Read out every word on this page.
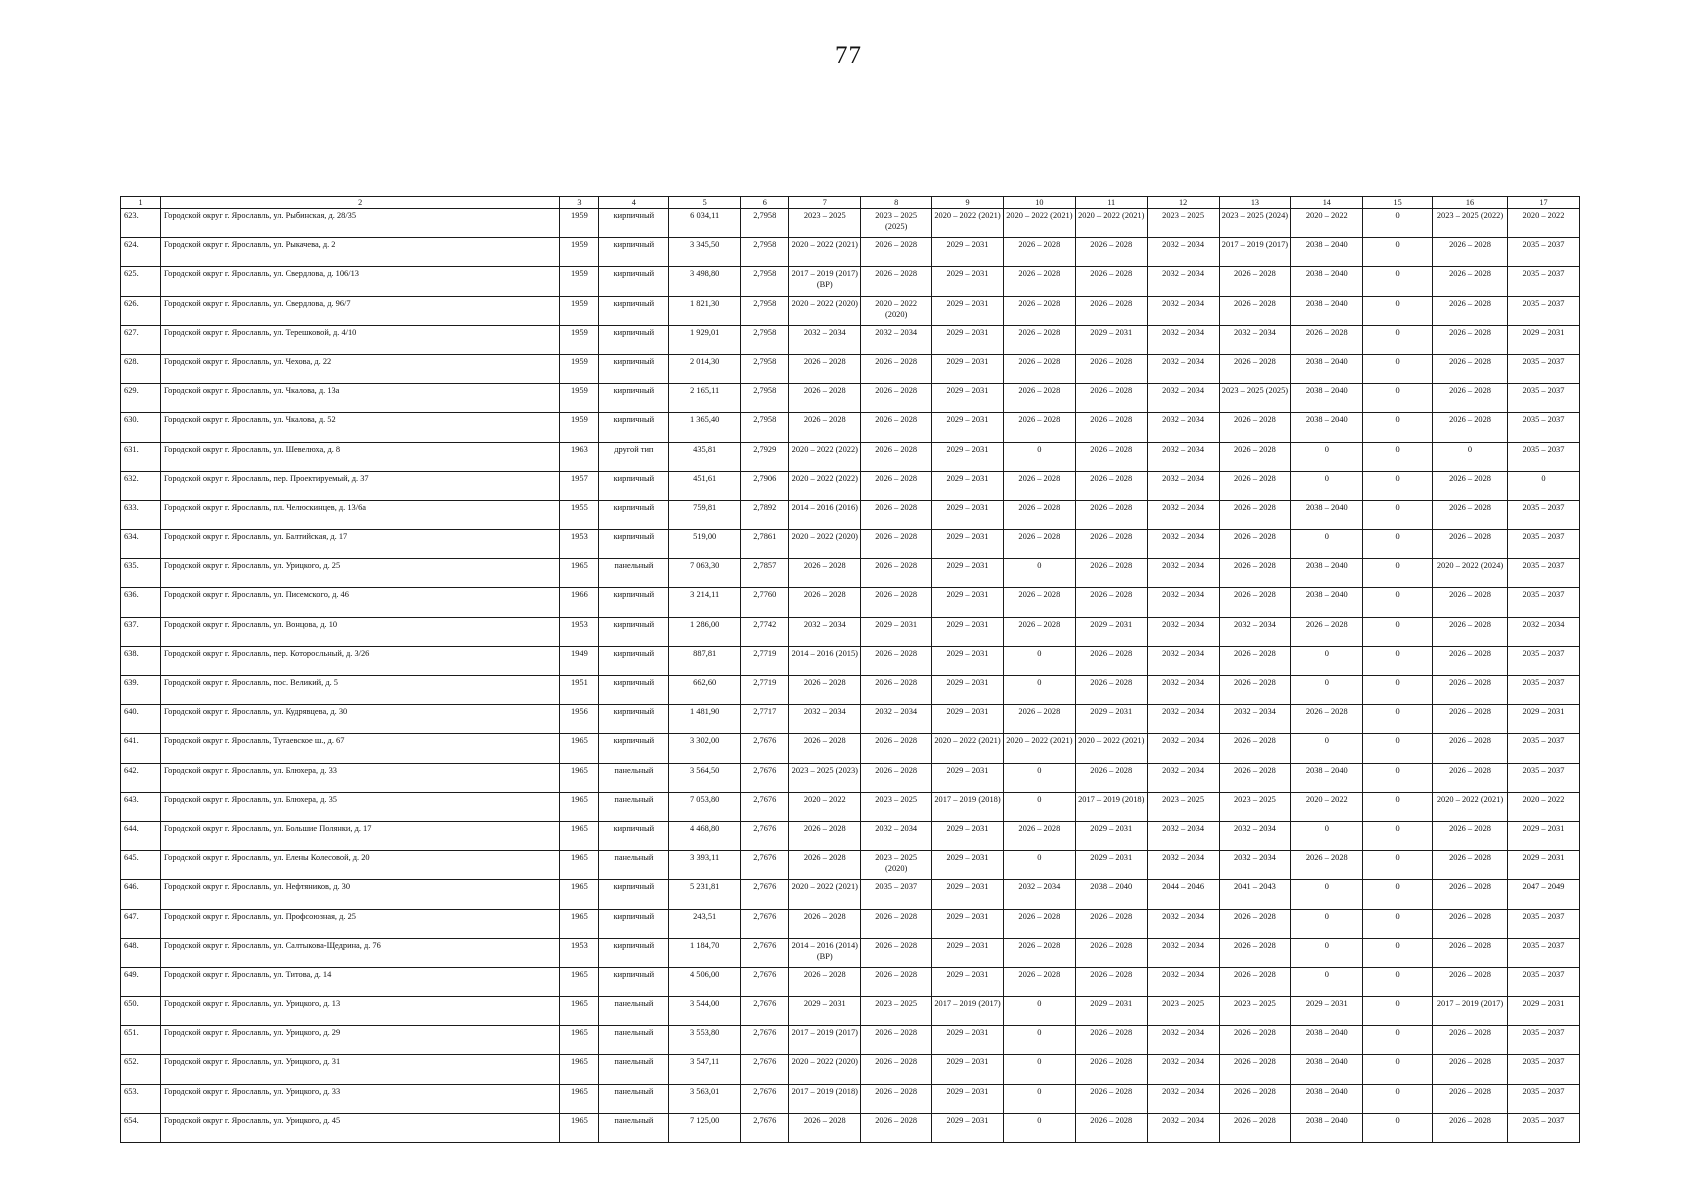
77
1	2	3	4	5	6	7	8	9	10	11	12	13	14	15	16	17
623.	Городской округ г. Ярославль, ул. Рыбинская, д. 28/35	1959	кирпичный	6 034,11	2,7958	2023 – 2025	2023 – 2025 (2025)	2020 – 2022 (2021)	2020 – 2022 (2021)	2020 – 2022 (2021)	2023 – 2025	2023 – 2025 (2024)	2020 – 2022	0	2023 – 2025 (2022)	2020 – 2022
624.	Городской округ г. Ярославль, ул. Рыкачева, д. 2	1959	кирпичный	3 345,50	2,7958	2020 – 2022 (2021)	2026 – 2028	2029 – 2031	2026 – 2028	2026 – 2028	2032 – 2034	2017 – 2019 (2017)	2038 – 2040	0	2026 – 2028	2035 – 2037
625.	Городской округ г. Ярославль, ул. Свердлова, д. 106/13	1959	кирпичный	3 498,80	2,7958	2017 – 2019 (2017) (ВР)	2026 – 2028	2029 – 2031	2026 – 2028	2026 – 2028	2032 – 2034	2026 – 2028	2038 – 2040	0	2026 – 2028	2035 – 2037
626.	Городской округ г. Ярославль, ул. Свердлова, д. 96/7	1959	кирпичный	1 821,30	2,7958	2020 – 2022 (2020)	2020 – 2022 (2020)	2029 – 2031	2026 – 2028	2026 – 2028	2032 – 2034	2026 – 2028	2038 – 2040	0	2026 – 2028	2035 – 2037
627.	Городской округ г. Ярославль, ул. Терешковой, д. 4/10	1959	кирпичный	1 929,01	2,7958	2032 – 2034	2032 – 2034	2029 – 2031	2026 – 2028	2029 – 2031	2032 – 2034	2032 – 2034	2026 – 2028	0	2026 – 2028	2029 – 2031
628.	Городской округ г. Ярославль, ул. Чехова, д. 22	1959	кирпичный	2 014,30	2,7958	2026 – 2028	2026 – 2028	2029 – 2031	2026 – 2028	2026 – 2028	2032 – 2034	2026 – 2028	2038 – 2040	0	2026 – 2028	2035 – 2037
629.	Городской округ г. Ярославль, ул. Чкалова, д. 13а	1959	кирпичный	2 165,11	2,7958	2026 – 2028	2026 – 2028	2029 – 2031	2026 – 2028	2026 – 2028	2032 – 2034	2023 – 2025 (2025)	2038 – 2040	0	2026 – 2028	2035 – 2037
630.	Городской округ г. Ярославль, ул. Чкалова, д. 52	1959	кирпичный	1 365,40	2,7958	2026 – 2028	2026 – 2028	2029 – 2031	2026 – 2028	2026 – 2028	2032 – 2034	2026 – 2028	2038 – 2040	0	2026 – 2028	2035 – 2037
631.	Городской округ г. Ярославль, ул. Шевелюха, д. 8	1963	другой тип	435,81	2,7929	2020 – 2022 (2022)	2026 – 2028	2029 – 2031	0	2026 – 2028	2032 – 2034	2026 – 2028	0	0	0	2035 – 2037
632.	Городской округ г. Ярославль, пер. Проектируемый, д. 37	1957	кирпичный	451,61	2,7906	2020 – 2022 (2022)	2026 – 2028	2029 – 2031	2026 – 2028	2026 – 2028	2032 – 2034	2026 – 2028	0	0	2026 – 2028	0
633.	Городской округ г. Ярославль, пл. Челюскинцев, д. 13/6а	1955	кирпичный	759,81	2,7892	2014 – 2016 (2016)	2026 – 2028	2029 – 2031	2026 – 2028	2026 – 2028	2032 – 2034	2026 – 2028	2038 – 2040	0	2026 – 2028	2035 – 2037
634.	Городской округ г. Ярославль, ул. Балтийская, д. 17	1953	кирпичный	519,00	2,7861	2020 – 2022 (2020)	2026 – 2028	2029 – 2031	2026 – 2028	2026 – 2028	2032 – 2034	2026 – 2028	0	0	2026 – 2028	2035 – 2037
635.	Городской округ г. Ярославль, ул. Урицкого, д. 25	1965	панельный	7 063,30	2,7857	2026 – 2028	2026 – 2028	2029 – 2031	0	2026 – 2028	2032 – 2034	2026 – 2028	2038 – 2040	0	2020 – 2022 (2024)	2035 – 2037
636.	Городской округ г. Ярославль, ул. Писемского, д. 46	1966	кирпичный	3 214,11	2,7760	2026 – 2028	2026 – 2028	2029 – 2031	2026 – 2028	2026 – 2028	2032 – 2034	2026 – 2028	2038 – 2040	0	2026 – 2028	2035 – 2037
637.	Городской округ г. Ярославль, ул. Вонцова, д. 10	1953	кирпичный	1 286,00	2,7742	2032 – 2034	2029 – 2031	2029 – 2031	2026 – 2028	2029 – 2031	2032 – 2034	2032 – 2034	2026 – 2028	0	2026 – 2028	2032 – 2034
638.	Городской округ г. Ярославль, пер. Которосльный, д. 3/26	1949	кирпичный	887,81	2,7719	2014 – 2016 (2015)	2026 – 2028	2029 – 2031	0	2026 – 2028	2032 – 2034	2026 – 2028	0	0	2026 – 2028	2035 – 2037
639.	Городской округ г. Ярославль, пос. Великий, д. 5	1951	кирпичный	662,60	2,7719	2026 – 2028	2026 – 2028	2029 – 2031	0	2026 – 2028	2032 – 2034	2026 – 2028	0	0	2026 – 2028	2035 – 2037
640.	Городской округ г. Ярославль, ул. Кудрявцева, д. 30	1956	кирпичный	1 481,90	2,7717	2032 – 2034	2032 – 2034	2029 – 2031	2026 – 2028	2029 – 2031	2032 – 2034	2032 – 2034	2026 – 2028	0	2026 – 2028	2029 – 2031
641.	Городской округ г. Ярославль, Тутаевское ш., д. 67	1965	кирпичный	3 302,00	2,7676	2026 – 2028	2026 – 2028	2020 – 2022 (2021)	2020 – 2022 (2021)	2020 – 2022 (2021)	2032 – 2034	2026 – 2028	0	0	2026 – 2028	2035 – 2037
642.	Городской округ г. Ярославль, ул. Блюхера, д. 33	1965	панельный	3 564,50	2,7676	2023 – 2025 (2023)	2026 – 2028	2029 – 2031	0	2026 – 2028	2032 – 2034	2026 – 2028	2038 – 2040	0	2026 – 2028	2035 – 2037
643.	Городской округ г. Ярославль, ул. Блюхера, д. 35	1965	панельный	7 053,80	2,7676	2020 – 2022	2023 – 2025	2017 – 2019 (2018)	0	2017 – 2019 (2018)	2023 – 2025	2023 – 2025	2020 – 2022	0	2020 – 2022 (2021)	2020 – 2022
644.	Городской округ г. Ярославль, ул. Большие Полянки, д. 17	1965	кирпичный	4 468,80	2,7676	2026 – 2028	2032 – 2034	2029 – 2031	2026 – 2028	2029 – 2031	2032 – 2034	2032 – 2034	0	0	2026 – 2028	2029 – 2031
645.	Городской округ г. Ярославль, ул. Елены Колесовой, д. 20	1965	панельный	3 393,11	2,7676	2026 – 2028	2023 – 2025 (2020)	2029 – 2031	0	2029 – 2031	2032 – 2034	2032 – 2034	2026 – 2028	0	2026 – 2028	2029 – 2031
646.	Городской округ г. Ярославль, ул. Нефтяников, д. 30	1965	кирпичный	5 231,81	2,7676	2020 – 2022 (2021)	2035 – 2037	2029 – 2031	2032 – 2034	2038 – 2040	2044 – 2046	2041 – 2043	0	0	2026 – 2028	2047 – 2049
647.	Городской округ г. Ярославль, ул. Профсоюзная, д. 25	1965	кирпичный	243,51	2,7676	2026 – 2028	2026 – 2028	2029 – 2031	2026 – 2028	2026 – 2028	2032 – 2034	2026 – 2028	0	0	2026 – 2028	2035 – 2037
648.	Городской округ г. Ярославль, ул. Салтыкова-Щедрина, д. 76	1953	кирпичный	1 184,70	2,7676	2014 – 2016 (2014) (ВР)	2026 – 2028	2029 – 2031	2026 – 2028	2026 – 2028	2032 – 2034	2026 – 2028	0	0	2026 – 2028	2035 – 2037
649.	Городской округ г. Ярославль, ул. Титова, д. 14	1965	кирпичный	4 506,00	2,7676	2026 – 2028	2026 – 2028	2029 – 2031	2026 – 2028	2026 – 2028	2032 – 2034	2026 – 2028	0	0	2026 – 2028	2035 – 2037
650.	Городской округ г. Ярославль, ул. Урицкого, д. 13	1965	панельный	3 544,00	2,7676	2029 – 2031	2023 – 2025	2017 – 2019 (2017)	0	2029 – 2031	2023 – 2025	2023 – 2025	2029 – 2031	0	2017 – 2019 (2017)	2029 – 2031
651.	Городской округ г. Ярославль, ул. Урицкого, д. 29	1965	панельный	3 553,80	2,7676	2017 – 2019 (2017)	2026 – 2028	2029 – 2031	0	2026 – 2028	2032 – 2034	2026 – 2028	2038 – 2040	0	2026 – 2028	2035 – 2037
652.	Городской округ г. Ярославль, ул. Урицкого, д. 31	1965	панельный	3 547,11	2,7676	2020 – 2022 (2020)	2026 – 2028	2029 – 2031	0	2026 – 2028	2032 – 2034	2026 – 2028	2038 – 2040	0	2026 – 2028	2035 – 2037
653.	Городской округ г. Ярославль, ул. Урицкого, д. 33	1965	панельный	3 563,01	2,7676	2017 – 2019 (2018)	2026 – 2028	2029 – 2031	0	2026 – 2028	2032 – 2034	2026 – 2028	2038 – 2040	0	2026 – 2028	2035 – 2037
654.	Городской округ г. Ярославль, ул. Урицкого, д. 45	1965	панельный	7 125,00	2,7676	2026 – 2028	2026 – 2028	2029 – 2031	0	2026 – 2028	2032 – 2034	2026 – 2028	2038 – 2040	0	2026 – 2028	2035 – 2037
